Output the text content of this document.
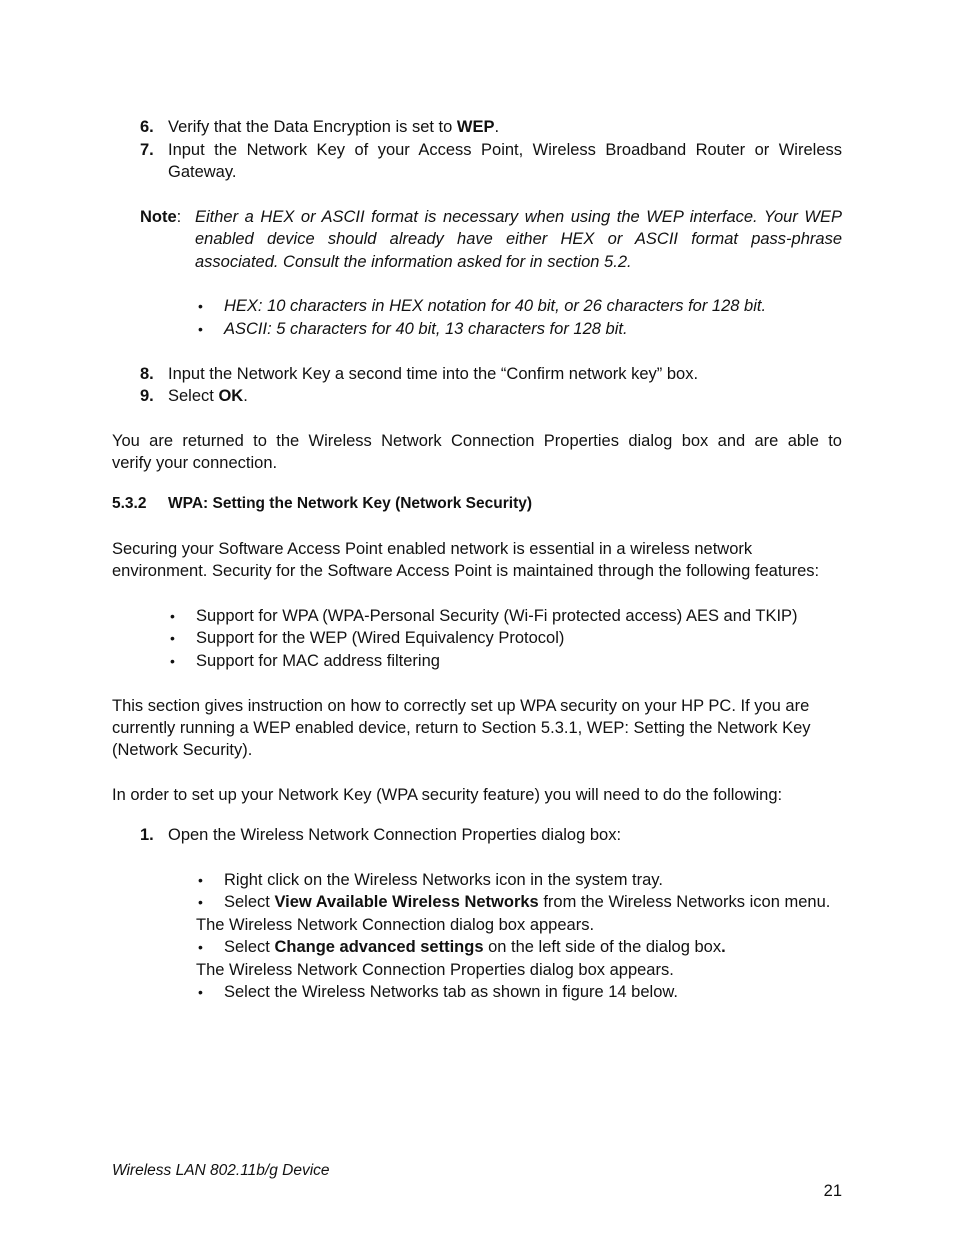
6. Verify that the Data Encryption is set to WEP.
7. Input the Network Key of your Access Point, Wireless Broadband Router or Wireless
Gateway.
Note: Either a HEX or ASCII format is necessary when using the WEP interface. Your WEP
enabled device should already have either HEX or ASCII format pass-phrase
associated. Consult the information asked for in section 5.2.
• HEX: 10 characters in HEX notation for 40 bit, or 26 characters for 128 bit.
• ASCII: 5 characters for 40 bit, 13 characters for 128 bit.
8. Input the Network Key a second time into the “Confirm network key” box.
9. Select OK.
You are returned to the Wireless Network Connection Properties dialog box and are able to
verify your connection.
5.3.2 WPA: Setting the Network Key (Network Security)
Securing your Software Access Point enabled network is essential in a wireless network
environment. Security for the Software Access Point is maintained through the following features:
• Support for WPA (WPA-Personal Security (Wi-Fi protected access) AES and TKIP)
• Support for the WEP (Wired Equivalency Protocol)
• Support for MAC address filtering
This section gives instruction on how to correctly set up WPA security on your HP PC. If you are
currently running a WEP enabled device, return to Section 5.3.1, WEP: Setting the Network Key
(Network Security).
In order to set up your Network Key (WPA security feature) you will need to do the following:
1. Open the Wireless Network Connection Properties dialog box:
• Right click on the Wireless Networks icon in the system tray.
• Select View Available Wireless Networks from the Wireless Networks icon menu.
The Wireless Network Connection dialog box appears.
• Select Change advanced settings on the left side of the dialog box.
The Wireless Network Connection Properties dialog box appears.
• Select the Wireless Networks tab as shown in figure 14 below.
Wireless LAN 802.11b/g Device
21
